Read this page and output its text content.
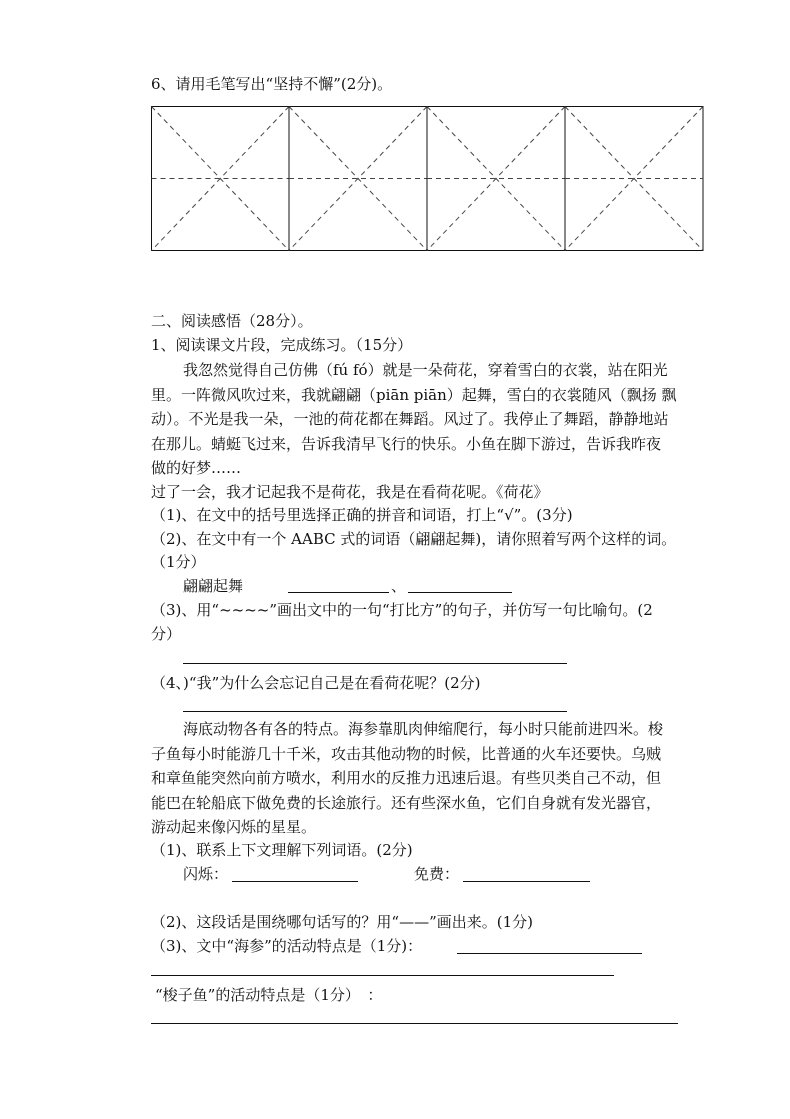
6、请用毛笔写出“坚持不懈”(2分)。
二、阅读感悟（28分）。
1、阅读课文片段，完成练习。（15分）
我忽然觉得自己仿佛（fú fó）就是一朵荷花，穿着雪白的衣裳，站在阳光
里。一阵微风吹过来，我就翩翩（piān piān）起舞，雪白的衣裳随风（飘扬 飘
动）。不光是我一朵，一池的荷花都在舞蹈。风过了。我停止了舞蹈，静静地站
在那儿。蜻蜓飞过来，告诉我清早飞行的快乐。小鱼在脚下游过，告诉我昨夜
做的好梦……
过了一会，我才记起我不是荷花，我是在看荷花呢。《荷花》
（1)、在文中的括号里选择正确的拼音和词语，打上“√”。(3分)
（2)、在文中有一个 AABC 式的词语（翩翩起舞)，请你照着写两个这样的词。
（1分）
翩翩起舞	、
（3)、用“~~~~”画出文中的一句“打比方”的句子，并仿写一句比喻句。(2
分）
（4、)“我”为什么会忘记自己是在看荷花呢？(2分)
海底动物各有各的特点。海参靠肌肉伸缩爬行，每小时只能前进四米。梭
子鱼每小时能游几十千米，攻击其他动物的时候，比普通的火车还要快。乌贼
和章鱼能突然向前方喷水，利用水的反推力迅速后退。有些贝类自己不动，但
能巴在轮船底下做免费的长途旅行。还有些深水鱼，它们自身就有发光器官，
游动起来像闪烁的星星。
（1)、联系上下文理解下列词语。(2分)
闪烁：	免费：
（2)、这段话是围绕哪句话写的？用“——”画出来。(1分)
（3)、文中“海参”的活动特点是（1分)：
“梭子鱼”的活动特点是（1分）　：
